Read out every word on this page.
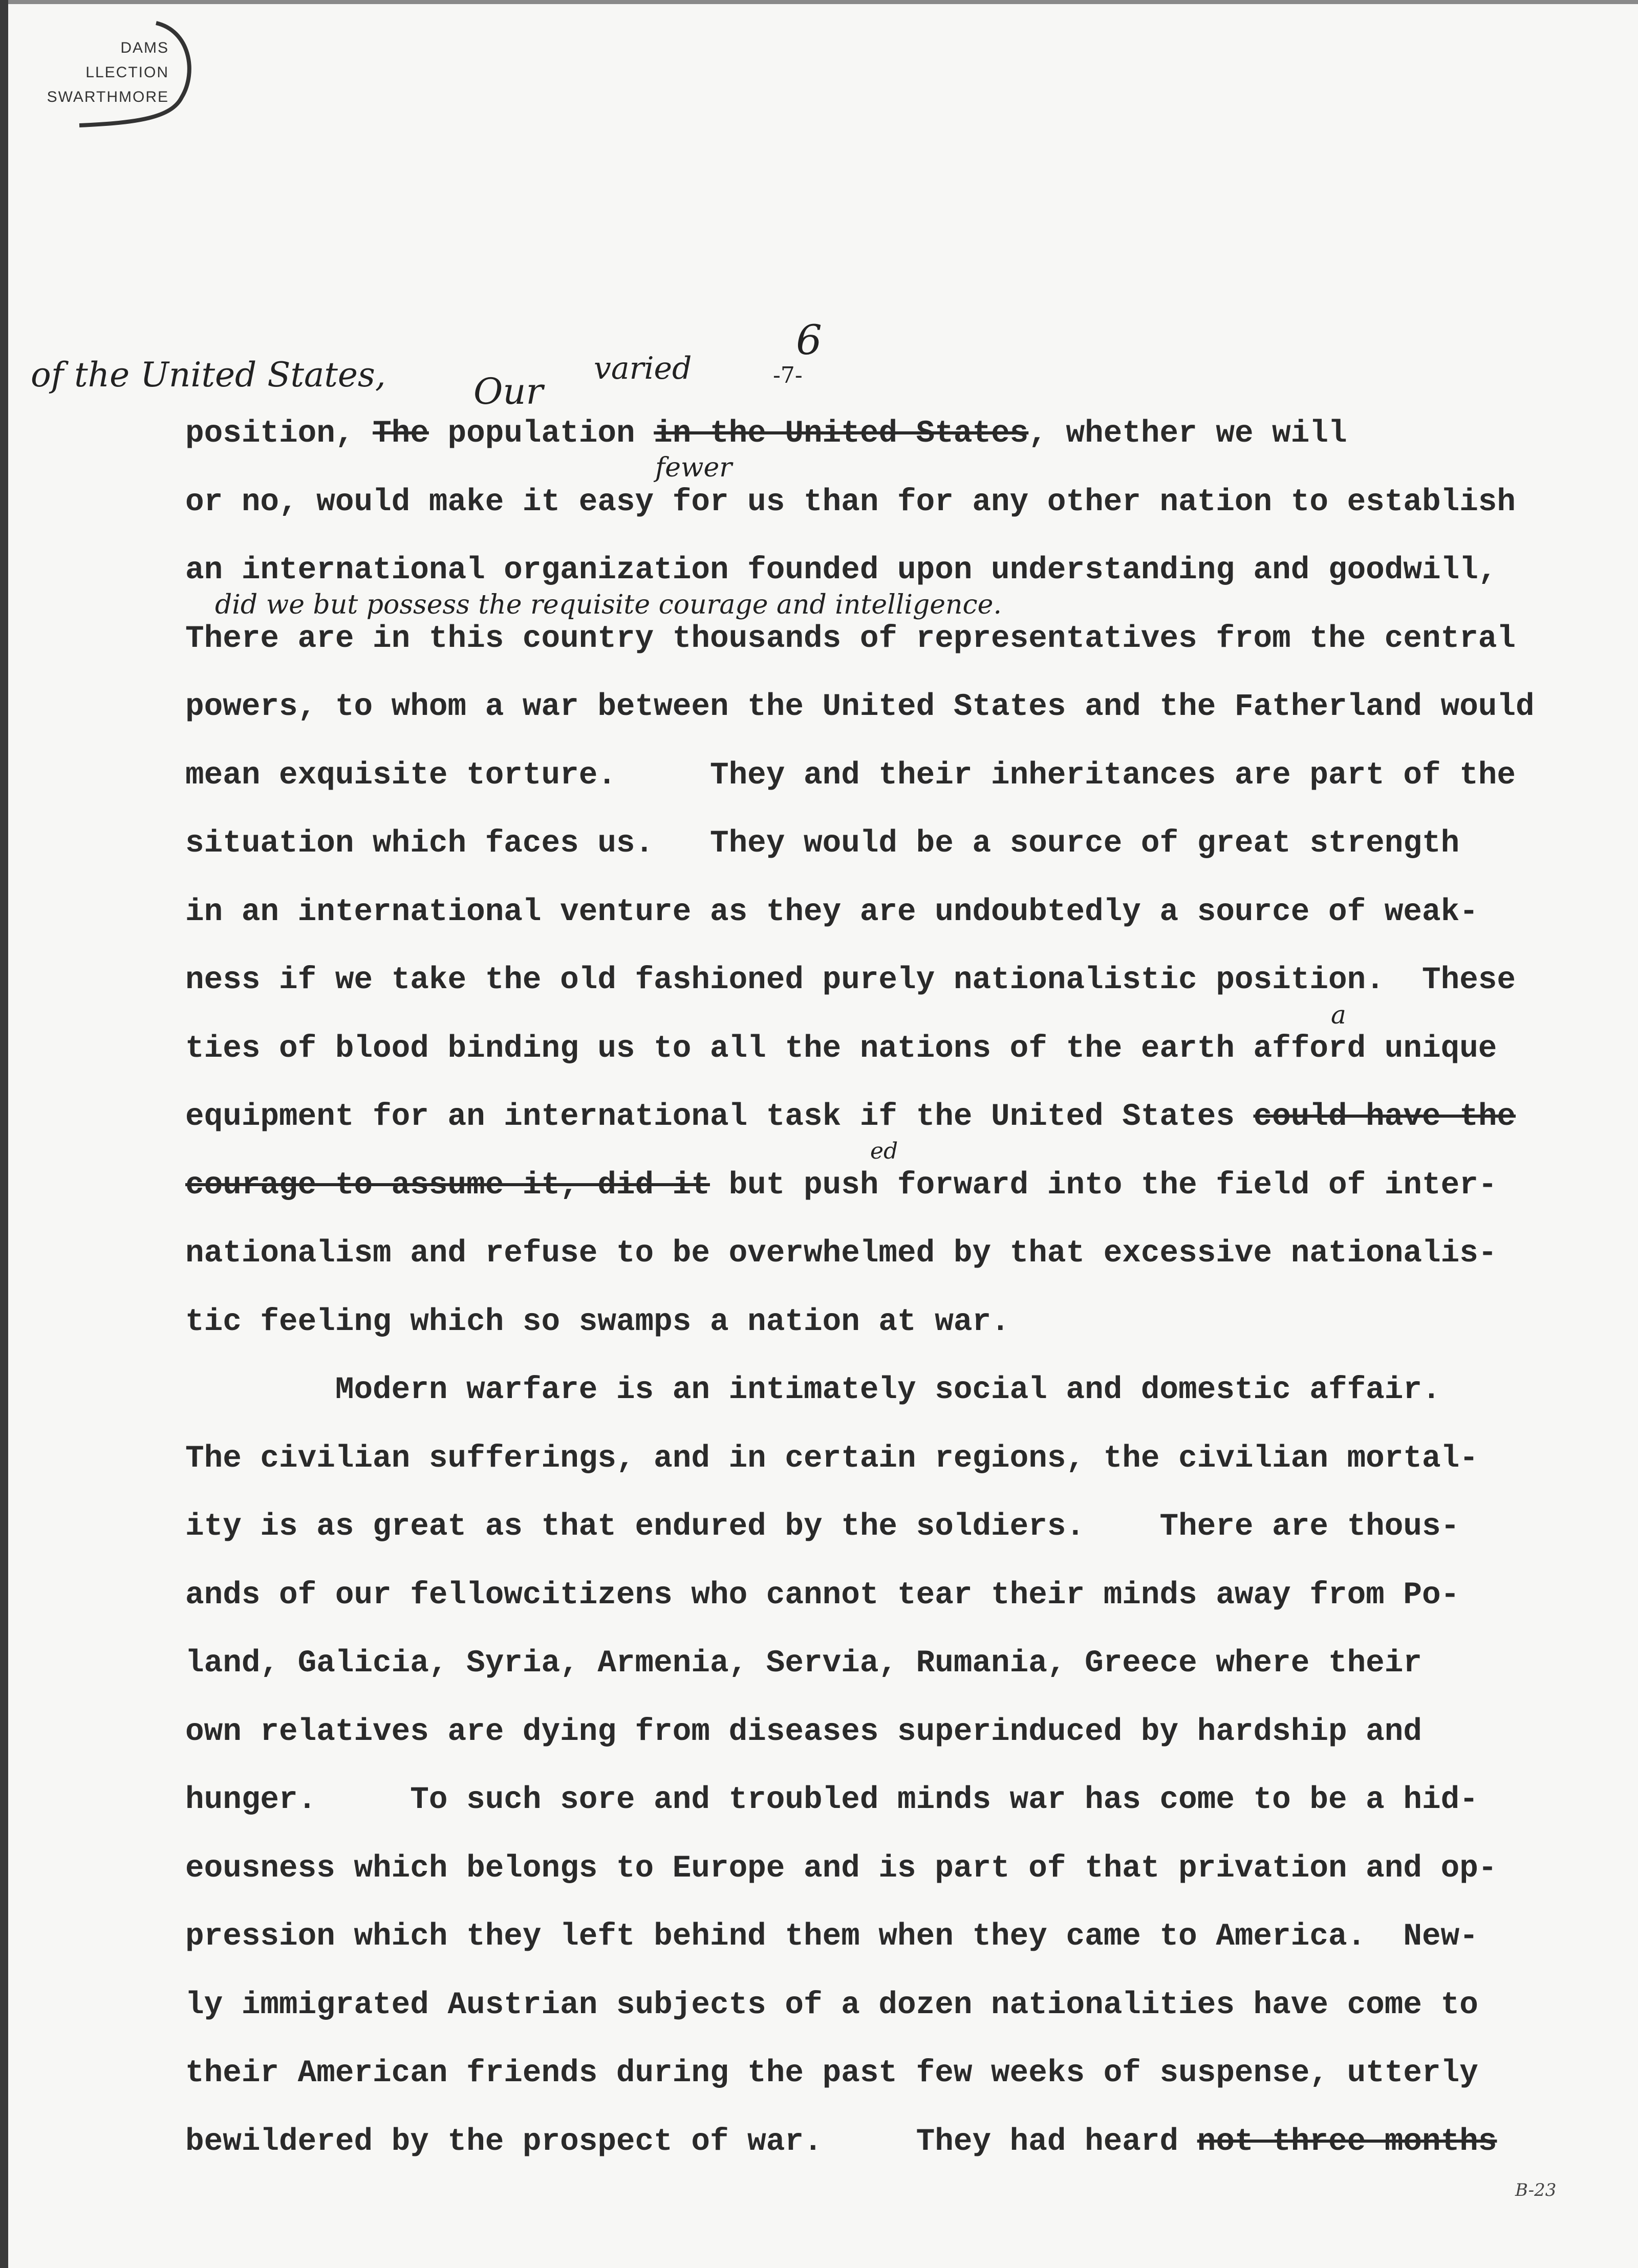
DAMS
LLECTION
SWARTHMORE
6
-7-
of the United States, Our
varied
fewer
did we but possess the requisite courage and intelligence.
a
ed
position, The population in the United States, whether we will
or no, would make it easy for us than for any other nation to establish
an international organization founded upon understanding and goodwill,
There are in this country thousands of representatives from the central
powers, to whom a war between the United States and the Fatherland would
mean exquisite torture.     They and their inheritances are part of the
situation which faces us.   They would be a source of great strength
in an international venture as they are undoubtedly a source of weak-
ness if we take the old fashioned purely nationalistic position.  These
ties of blood binding us to all the nations of the earth afford unique
equipment for an international task if the United States could have the
courage to assume it, did it but push forward into the field of inter-
nationalism and refuse to be overwhelmed by that excessive nationalis-
tic feeling which so swamps a nation at war.
Modern warfare is an intimately social and domestic affair.
The civilian sufferings, and in certain regions, the civilian mortal-
ity is as great as that endured by the soldiers.    There are thous-
ands of our fellowcitizens who cannot tear their minds away from Po-
land, Galicia, Syria, Armenia, Servia, Rumania, Greece where their
own relatives are dying from diseases superinduced by hardship and
hunger.     To such sore and troubled minds war has come to be a hid-
eousness which belongs to Europe and is part of that privation and op-
pression which they left behind them when they came to America.  New-
ly immigrated Austrian subjects of a dozen nationalities have come to
their American friends during the past few weeks of suspense, utterly
bewildered by the prospect of war.     They had heard not three months
B-23
